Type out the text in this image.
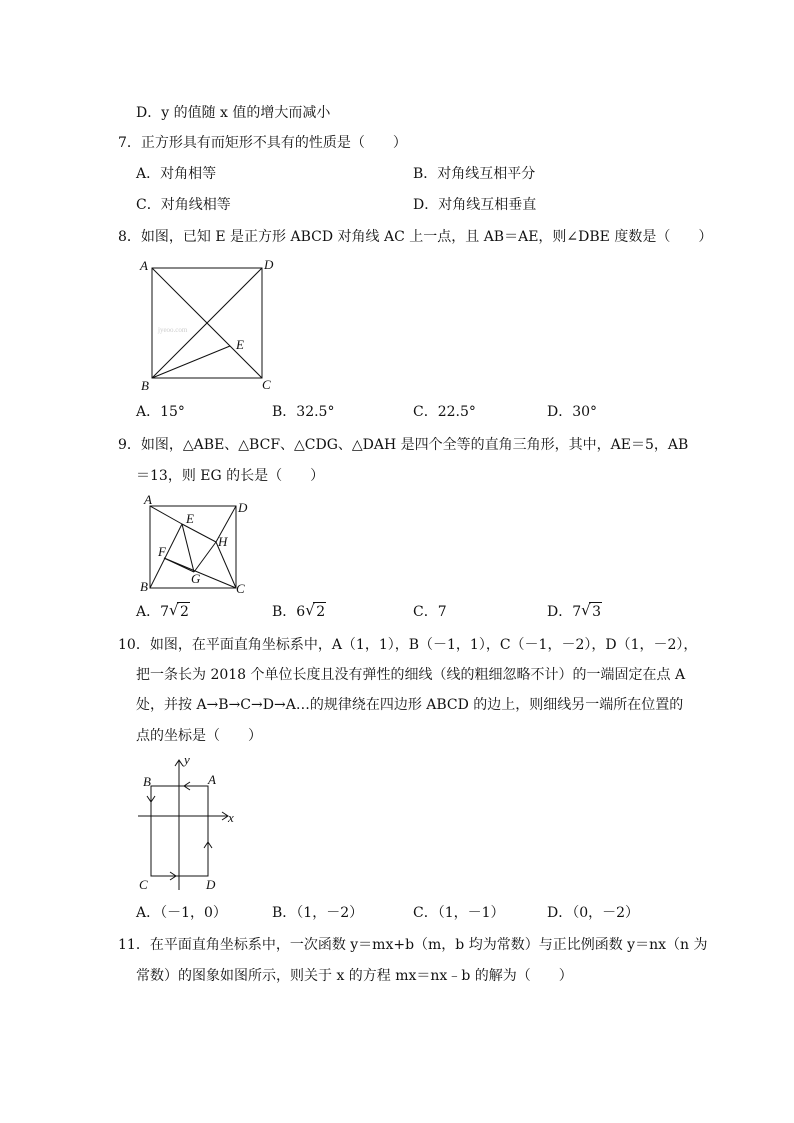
D．y 的值随 x 值的增大而减小
7．正方形具有而矩形不具有的性质是（　　）
A．对角相等	B．对角线互相平分
C．对角线相等	D．对角线互相垂直
8．如图，已知 E 是正方形 ABCD 对角线 AC 上一点，且 AB＝AE，则∠DBE 度数是（　　）
A	D
B	C
E
jyeoo.com
A．15°	B．32.5°	C．22.5°	D．30°
9．如图，△ABE、△BCF、△CDG、△DAH 是四个全等的直角三角形，其中，AE＝5，AB
＝13，则 EG 的长是（　　）
A
D
B	C
E
H
F
G
A．7 √ 2	B．6 √ 2	C．7	D．7 √ 3
10．如图，在平面直角坐标系中，A（1，1），B（－1，1），C（－1，－2），D（1，－2），
把一条长为 2018 个单位长度且没有弹性的细线（线的粗细忽略不计）的一端固定在点 A
处，并按 A→B→C→D→A…的规律绕在四边形 ABCD 的边上，则细线另一端所在位置的
点的坐标是（　　）
y
x
A
B
C	D
A．（－1，0）	B．（1，－2）	C．（1，－1）	D．（0，－2）
11．在平面直角坐标系中，一次函数 y＝mx+b（m，b 均为常数）与正比例函数 y＝nx（n 为
常数）的图象如图所示，则关于 x 的方程 mx＝nx﹣b 的解为（　　）
